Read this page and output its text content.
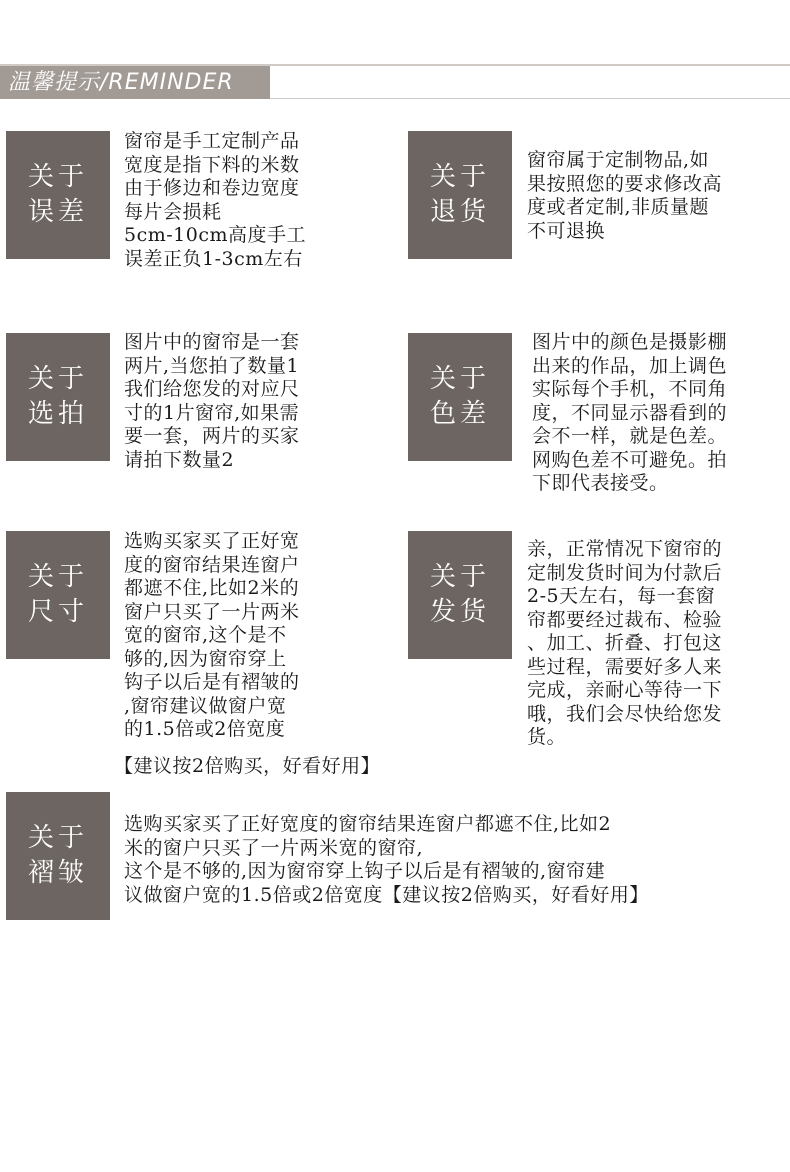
温馨提示/REMINDER
关于
误差
窗帘是手工定制产品
宽度是指下料的米数
由于修边和卷边宽度
每片会损耗
5cm-10cm高度手工
误差正负1-3cm左右
关于
退货
窗帘属于定制物品,如
果按照您的要求修改高
度或者定制,非质量题
不可退换
关于
选拍
图片中的窗帘是一套
两片,当您拍了数量1
我们给您发的对应尺
寸的1片窗帘,如果需
要一套，两片的买家
请拍下数量2
关于
色差
图片中的颜色是摄影棚
出来的作品，加上调色
实际每个手机，不同角
度，不同显示器看到的
会不一样，就是色差。
网购色差不可避免。拍
下即代表接受。
关于
尺寸
选购买家买了正好宽
度的窗帘结果连窗户
都遮不住,比如2米的
窗户只买了一片两米
宽的窗帘,这个是不
够的,因为窗帘穿上
钩子以后是有褶皱的
,窗帘建议做窗户宽
的1.5倍或2倍宽度
【建议按2倍购买，好看好用】
关于
发货
亲，正常情况下窗帘的
定制发货时间为付款后
2-5天左右，每一套窗
帘都要经过裁布、检验
、加工、折叠、打包这
些过程，需要好多人来
完成，亲耐心等待一下
哦，我们会尽快给您发
货。
关于
褶皱
选购买家买了正好宽度的窗帘结果连窗户都遮不住,比如2
米的窗户只买了一片两米宽的窗帘,
这个是不够的,因为窗帘穿上钩子以后是有褶皱的,窗帘建
议做窗户宽的1.5倍或2倍宽度【建议按2倍购买，好看好用】
